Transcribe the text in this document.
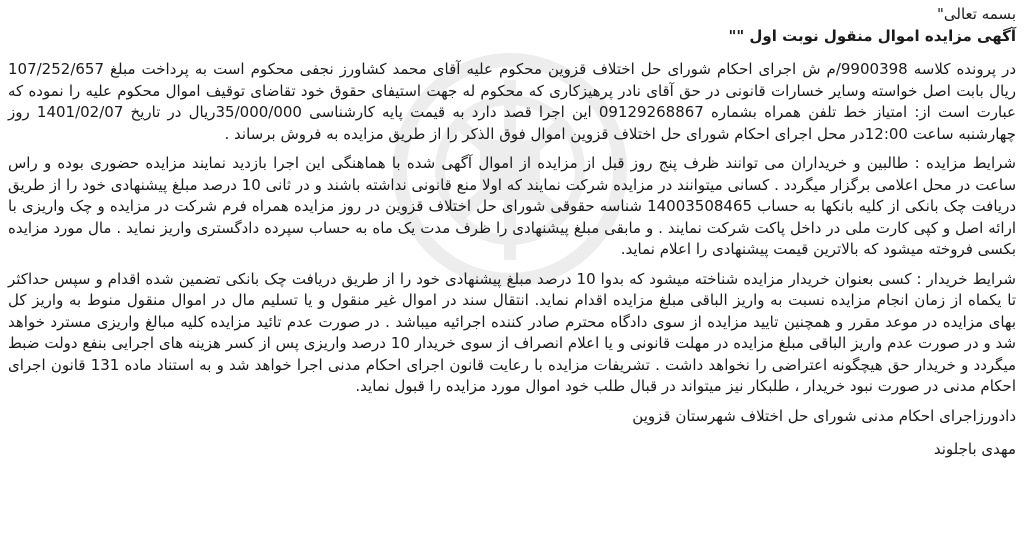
بسمه تعالی"

آگهی مزایده اموال منقول نوبت اول ""

در پرونده کلاسه 9900398/م ش اجرای احکام شورای حل اختلاف قزوین محکوم علیه آقای محمد کشاورز نجفی محکوم است به پرداخت مبلغ 107/252/657 ریال بابت اصل خواسته وسایر خسارات قانونی در حق آقای نادر پرهیزکاری که محکوم له جهت استیفای حقوق خود تقاضای توقیف اموال محکوم علیه را نموده که عبارت است از: امتیاز خط تلفن همراه بشماره 09129268867 این اجرا قصد دارد به قیمت پایه کارشناسی 35/000/000ریال در تاریخ 1401/02/07 روز چهارشنبه ساعت 12:00در محل اجرای احکام شورای حل اختلاف قزوین اموال فوق الذکر را از طریق مزایده به فروش برساند .

شرایط مزایده : طالبین و خریداران می توانند ظرف پنج روز قبل از مزایده از اموال آگهی شده با هماهنگی این اجرا بازدید نمایند مزایده حضوری بوده و راس ساعت در محل اعلامی برگزار میگردد . کسانی میتوانند در مزایده شرکت نمایند که اولا منع قانونی نداشته باشند و در ثانی 10 درصد مبلغ پیشنهادی خود را از طریق دریافت چک بانکی از کلیه بانکها به حساب 14003508465 شناسه حقوقی شورای حل اختلاف قزوین در روز مزایده همراه فرم شرکت در مزایده و چک واریزی با ارائه اصل و کپی کارت ملی در داخل پاکت شرکت نمایند . و مابقی مبلغ پیشنهادی را ظرف مدت یک ماه به حساب سپرده دادگستری واریز نماید . مال مورد مزایده بکسی فروخته میشود که بالاترین قیمت پیشنهادی را اعلام نماید.

شرایط خریدار : کسی بعنوان خریدار مزایده شناخته میشود که بدوا 10 درصد مبلغ پیشنهادی خود را از طریق دریافت چک بانکی تضمین شده اقدام و سپس حداکثر تا یکماه از زمان انجام مزایده نسبت به واریز الباقی مبلغ مزایده اقدام نماید. انتقال سند در اموال غیر منقول و یا تسلیم مال در اموال منقول منوط به واریز کل بهای مزایده در موعد مقرر و همچنین تایید مزایده از سوی دادگاه محترم صادر کننده اجرائیه میباشد . در صورت عدم تائید مزایده کلیه مبالغ واریزی مسترد خواهد شد و در صورت عدم واریز الباقی مبلغ مزایده در مهلت قانونی و یا اعلام انصراف از سوی خریدار 10 درصد واریزی پس از کسر هزینه های اجرایی بنفع دولت ضبط میگردد و خریدار حق هیچگونه اعتراضی را نخواهد داشت . تشریفات مزایده با رعایت قانون اجرای احکام مدنی اجرا خواهد شد و به استناد ماده 131 قانون اجرای احکام مدنی در صورت نبود خریدار ، طلبکار نیز میتواند در قبال طلب خود اموال مورد مزایده را قبول نماید.

دادورزاجرای احکام مدنی شورای حل اختلاف شهرستان قزوین

مهدی باجلوند
